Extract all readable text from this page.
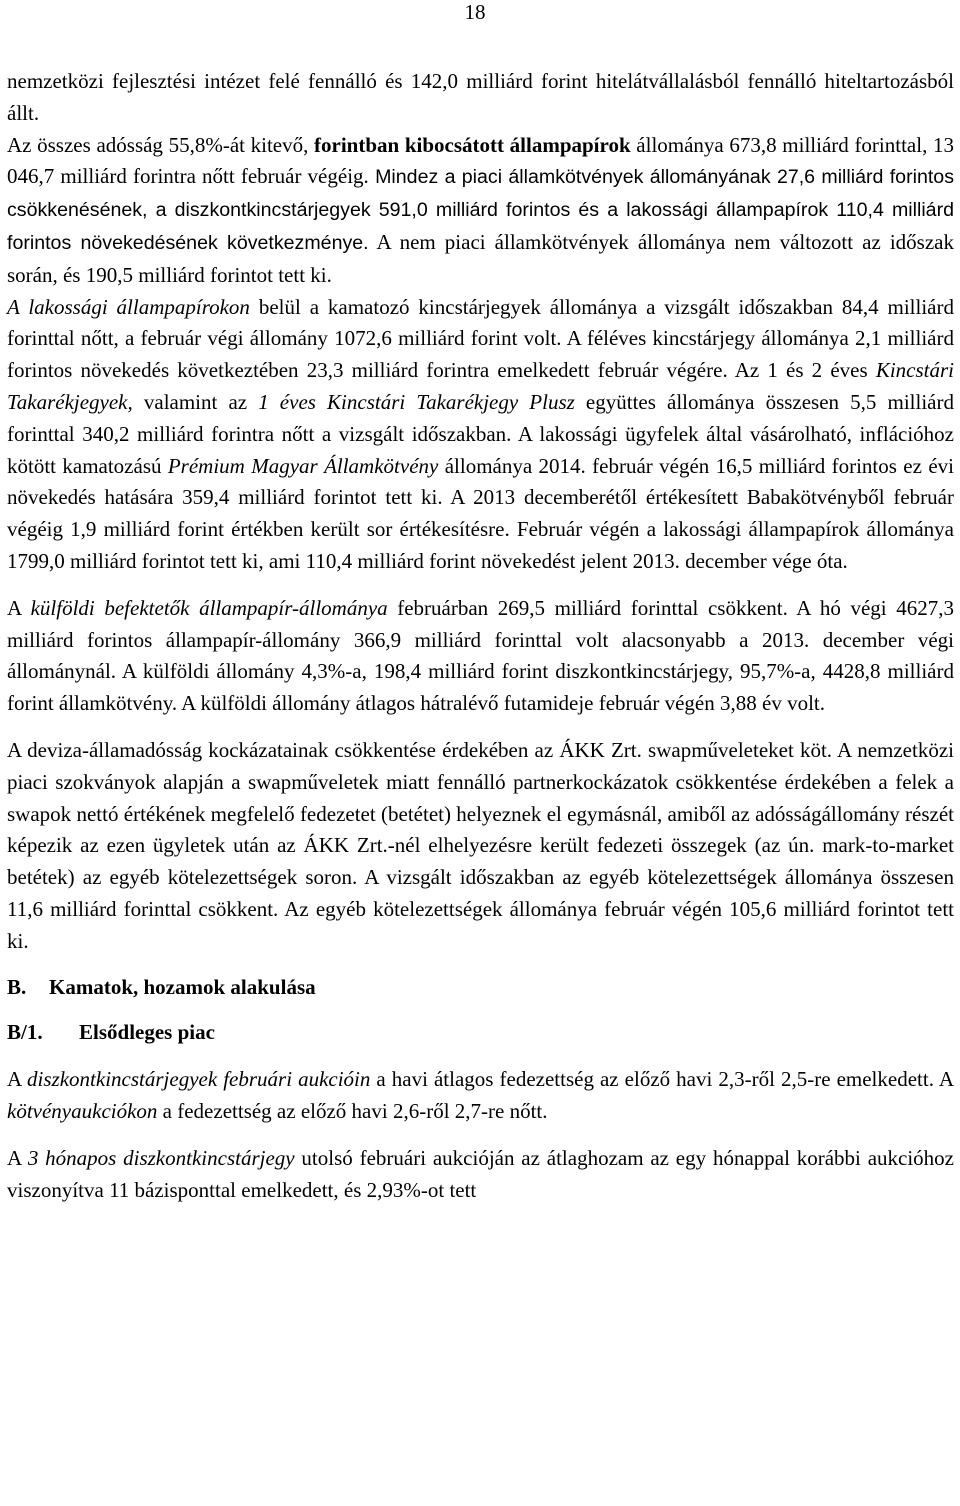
18

nemzetközi fejlesztési intézet felé fennálló és 142,0 milliárd forint hitelátvállalásból fennálló hiteltartozásból állt.

Az összes adósság 55,8%-át kitevő, forintban kibocsátott állampapírok állománya 673,8 milliárd forinttal, 13 046,7 milliárd forintra nőtt február végéig. Mindez a piaci államkötvények állományának 27,6 milliárd forintos csökkenésének, a diszkontkincstárjegyek 591,0 milliárd forintos és a lakossági állampapírok 110,4 milliárd forintos növekedésének következménye. A nem piaci államkötvények állománya nem változott az időszak során, és 190,5 milliárd forintot tett ki.

A lakossági állampapírokon belül a kamatozó kincstárjegyek állománya a vizsgált időszakban 84,4 milliárd forinttal nőtt, a február végi állomány 1072,6 milliárd forint volt. A féléves kincstárjegy állománya 2,1 milliárd forintos növekedés következtében 23,3 milliárd forintra emelkedett február végére. Az 1 és 2 éves Kincstári Takarékjegyek, valamint az 1 éves Kincstári Takarékjegy Plusz együttes állománya összesen 5,5 milliárd forinttal 340,2 milliárd forintra nőtt a vizsgált időszakban. A lakossági ügyfelek által vásárolható, inflációhoz kötött kamatozású Prémium Magyar Államkötvény állománya 2014. február végén 16,5 milliárd forintos ez évi növekedés hatására 359,4 milliárd forintot tett ki. A 2013 decemberétől értékesített Babakötvényből február végéig 1,9 milliárd forint értékben került sor értékesítésre. Február végén a lakossági állampapírok állománya 1799,0 milliárd forintot tett ki, ami 110,4 milliárd forint növekedést jelent 2013. december vége óta.

A külföldi befektetők állampapír-állománya februárban 269,5 milliárd forinttal csökkent. A hó végi 4627,3 milliárd forintos állampapír-állomány 366,9 milliárd forinttal volt alacsonyabb a 2013. december végi állománynál. A külföldi állomány 4,3%-a, 198,4 milliárd forint diszkontkincstárjegy, 95,7%-a, 4428,8 milliárd forint államkötvény. A külföldi állomány átlagos hátralévő futamideje február végén 3,88 év volt.

A deviza-államadósság kockázatainak csökkentése érdekében az ÁKK Zrt. swapműveleteket köt. A nemzetközi piaci szokványok alapján a swapműveletek miatt fennálló partnerkockázatok csökkentése érdekében a felek a swapok nettó értékének megfelelő fedezetet (betétet) helyeznek el egymásnál, amiből az adósságállomány részét képezik az ezen ügyletek után az ÁKK Zrt.-nél elhelyezésre került fedezeti összegek (az ún. mark-to-market betétek) az egyéb kötelezettségek soron. A vizsgált időszakban az egyéb kötelezettségek állománya összesen 11,6 milliárd forinttal csökkent. Az egyéb kötelezettségek állománya február végén 105,6 milliárd forintot tett ki.

B. Kamatok, hozamok alakulása

B/1. Elsődleges piac

A diszkontkincstárjegyek februári aukcióin a havi átlagos fedezettség az előző havi 2,3-ről 2,5-re emelkedett. A kötvényaukciókon a fedezettség az előző havi 2,6-ről 2,7-re nőtt.

A 3 hónapos diszkontkincstárjegy utolsó februári aukcióján az átlaghozam az egy hónappal korábbi aukcióhoz viszonyítva 11 bázisponttal emelkedett, és 2,93%-ot tett
